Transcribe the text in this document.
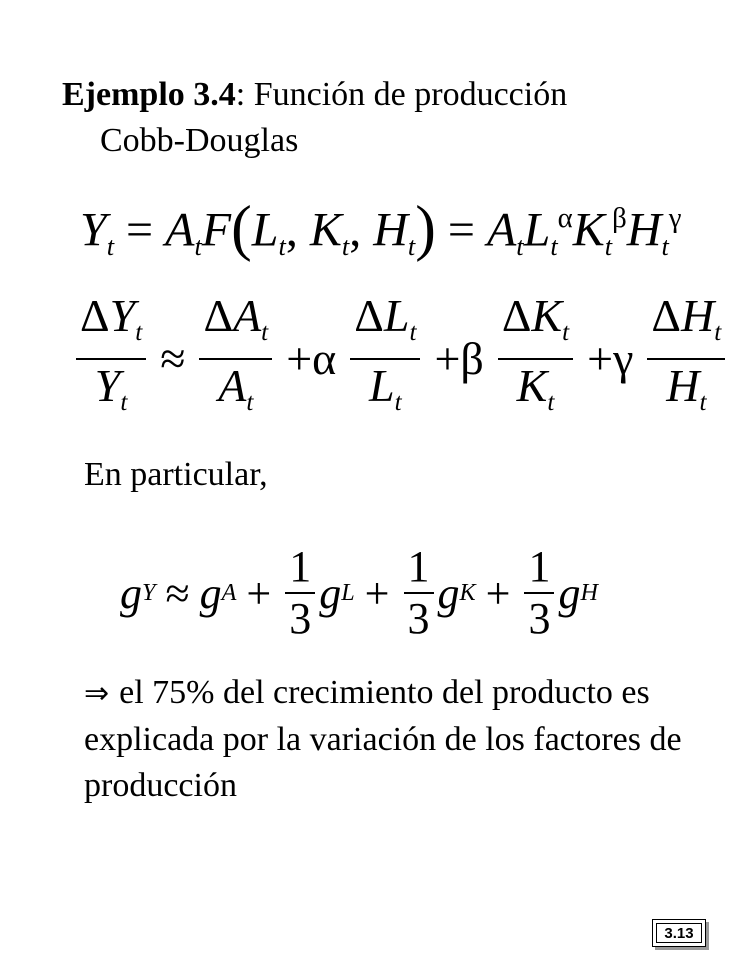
Ejemplo 3.4: Función de producción
Cobb-Douglas
$Y_t = A_tF(L_t$, $K_t$, $H_t) = A_tL_t^\alpha K_t^\beta H_t^\gamma$
$\frac{\Delta Y_t}{Y_t} \approx \frac{\Delta A_t}{A_t} +\alpha \frac{\Delta L_t}{L_t} +\beta \frac{\Delta K_t}{K_t} +\gamma \frac{\Delta H_t}{H_t}$

En particular,

g Y ≈ g $A + \frac{1}{3}$ g $L + \frac{1}{3}$ g $K + \frac{1}{3}$ g H

⇒ el 75% del crecimiento del producto es explicada por la variación de los factores de producción

3.13
